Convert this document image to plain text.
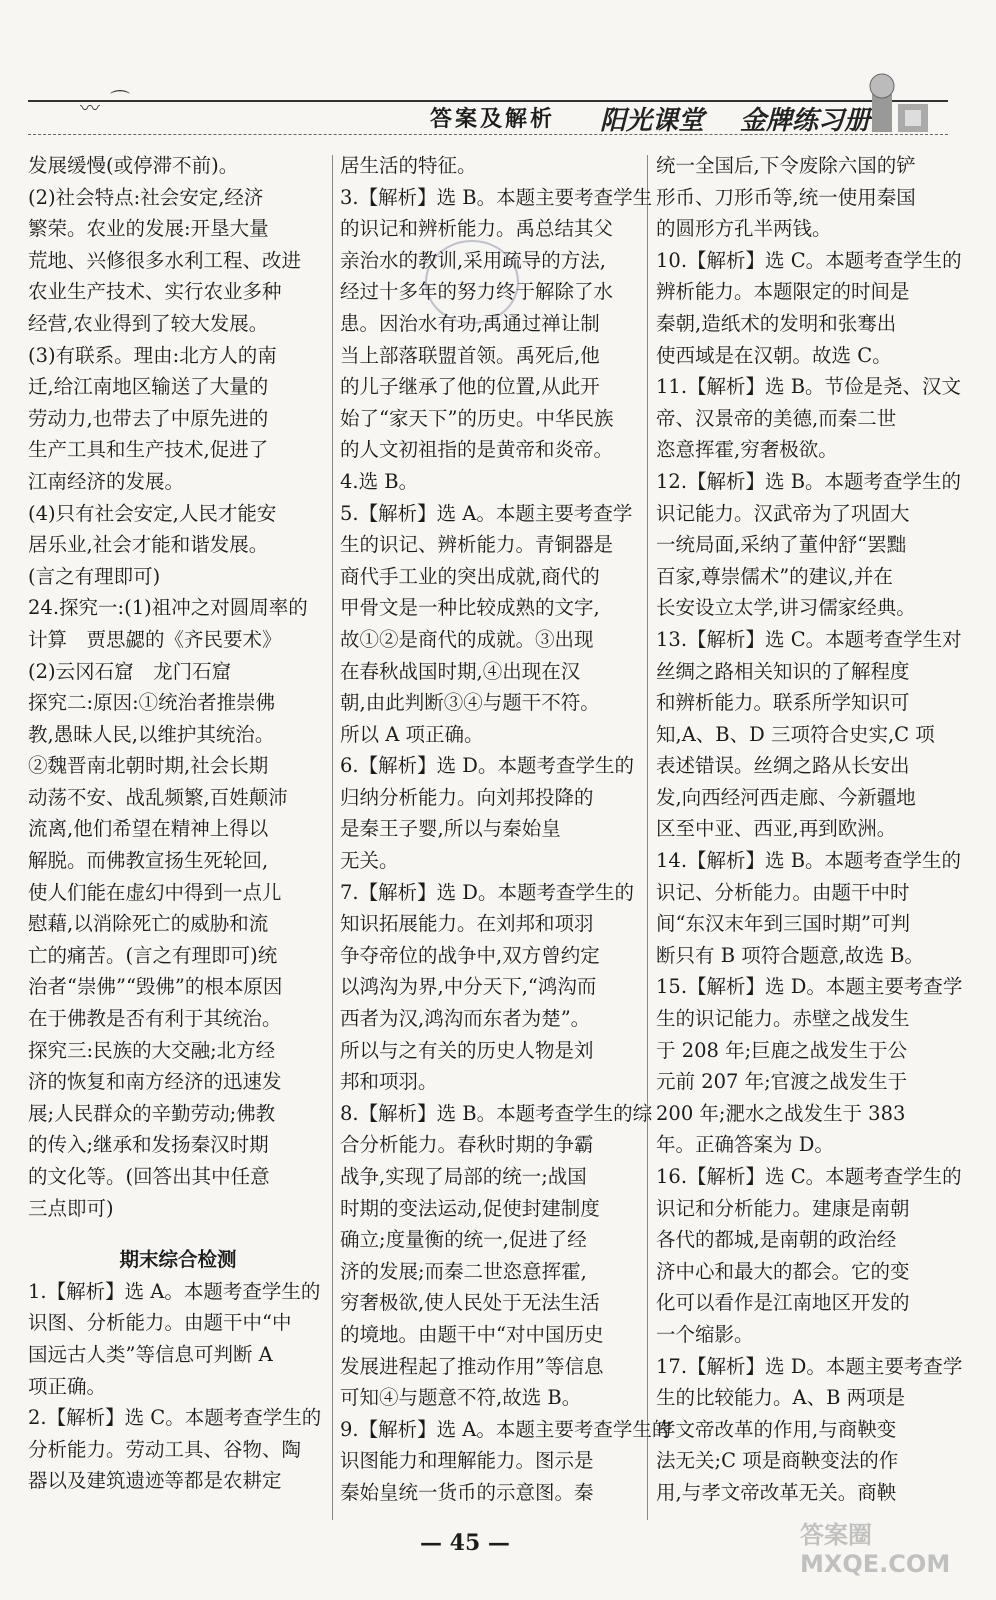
〰 ⌒
答案及解析 阳光课堂 金牌练习册
发展缓慢(或停滞不前)。
(2)社会特点:社会安定,经济
繁荣。农业的发展:开垦大量
荒地、兴修很多水利工程、改进
农业生产技术、实行农业多种
经营,农业得到了较大发展。
(3)有联系。理由:北方人的南
迁,给江南地区输送了大量的
劳动力,也带去了中原先进的
生产工具和生产技术,促进了
江南经济的发展。
(4)只有社会安定,人民才能安
居乐业,社会才能和谐发展。
(言之有理即可)
24.探究一:(1)祖冲之对圆周率的
计算　贾思勰的《齐民要术》
(2)云冈石窟　龙门石窟
探究二:原因:①统治者推崇佛
教,愚昧人民,以维护其统治。
②魏晋南北朝时期,社会长期
动荡不安、战乱频繁,百姓颠沛
流离,他们希望在精神上得以
解脱。而佛教宣扬生死轮回,
使人们能在虚幻中得到一点儿
慰藉,以消除死亡的威胁和流
亡的痛苦。(言之有理即可)统
治者“崇佛”“毁佛”的根本原因
在于佛教是否有利于其统治。
探究三:民族的大交融;北方经
济的恢复和南方经济的迅速发
展;人民群众的辛勤劳动;佛教
的传入;继承和发扬秦汉时期
的文化等。(回答出其中任意
三点即可)
期末综合检测
1.【解析】选 A。本题考查学生的
识图、分析能力。由题干中“中
国远古人类”等信息可判断 A
项正确。
2.【解析】选 C。本题考查学生的
分析能力。劳动工具、谷物、陶
器以及建筑遗迹等都是农耕定
居生活的特征。
3.【解析】选 B。本题主要考查学生
的识记和辨析能力。禹总结其父
亲治水的教训,采用疏导的方法,
经过十多年的努力终于解除了水
患。因治水有功,禹通过禅让制
当上部落联盟首领。禹死后,他
的儿子继承了他的位置,从此开
始了“家天下”的历史。中华民族
的人文初祖指的是黄帝和炎帝。
4.选 B。
5.【解析】选 A。本题主要考查学
生的识记、辨析能力。青铜器是
商代手工业的突出成就,商代的
甲骨文是一种比较成熟的文字,
故①②是商代的成就。③出现
在春秋战国时期,④出现在汉
朝,由此判断③④与题干不符。
所以 A 项正确。
6.【解析】选 D。本题考查学生的
归纳分析能力。向刘邦投降的
是秦王子婴,所以与秦始皇
无关。
7.【解析】选 D。本题考查学生的
知识拓展能力。在刘邦和项羽
争夺帝位的战争中,双方曾约定
以鸿沟为界,中分天下,“鸿沟而
西者为汉,鸿沟而东者为楚”。
所以与之有关的历史人物是刘
邦和项羽。
8.【解析】选 B。本题考查学生的综
合分析能力。春秋时期的争霸
战争,实现了局部的统一;战国
时期的变法运动,促使封建制度
确立;度量衡的统一,促进了经
济的发展;而秦二世恣意挥霍,
穷奢极欲,使人民处于无法生活
的境地。由题干中“对中国历史
发展进程起了推动作用”等信息
可知④与题意不符,故选 B。
9.【解析】选 A。本题主要考查学生的
识图能力和理解能力。图示是
秦始皇统一货币的示意图。秦
统一全国后,下令废除六国的铲
形币、刀形币等,统一使用秦国
的圆形方孔半两钱。
10.【解析】选 C。本题考查学生的
辨析能力。本题限定的时间是
秦朝,造纸术的发明和张骞出
使西域是在汉朝。故选 C。
11.【解析】选 B。节俭是尧、汉文
帝、汉景帝的美德,而秦二世
恣意挥霍,穷奢极欲。
12.【解析】选 B。本题考查学生的
识记能力。汉武帝为了巩固大
一统局面,采纳了董仲舒“罢黜
百家,尊崇儒术”的建议,并在
长安设立太学,讲习儒家经典。
13.【解析】选 C。本题考查学生对
丝绸之路相关知识的了解程度
和辨析能力。联系所学知识可
知,A、B、D 三项符合史实,C 项
表述错误。丝绸之路从长安出
发,向西经河西走廊、今新疆地
区至中亚、西亚,再到欧洲。
14.【解析】选 B。本题考查学生的
识记、分析能力。由题干中时
间“东汉末年到三国时期”可判
断只有 B 项符合题意,故选 B。
15.【解析】选 D。本题主要考查学
生的识记能力。赤壁之战发生
于 208 年;巨鹿之战发生于公
元前 207 年;官渡之战发生于
200 年;淝水之战发生于 383
年。正确答案为 D。
16.【解析】选 C。本题考查学生的
识记和分析能力。建康是南朝
各代的都城,是南朝的政治经
济中心和最大的都会。它的变
化可以看作是江南地区开发的
一个缩影。
17.【解析】选 D。本题主要考查学
生的比较能力。A、B 两项是
孝文帝改革的作用,与商鞅变
法无关;C 项是商鞅变法的作
用,与孝文帝改革无关。商鞅
— 45 —	答案圈 MXQE.COM
